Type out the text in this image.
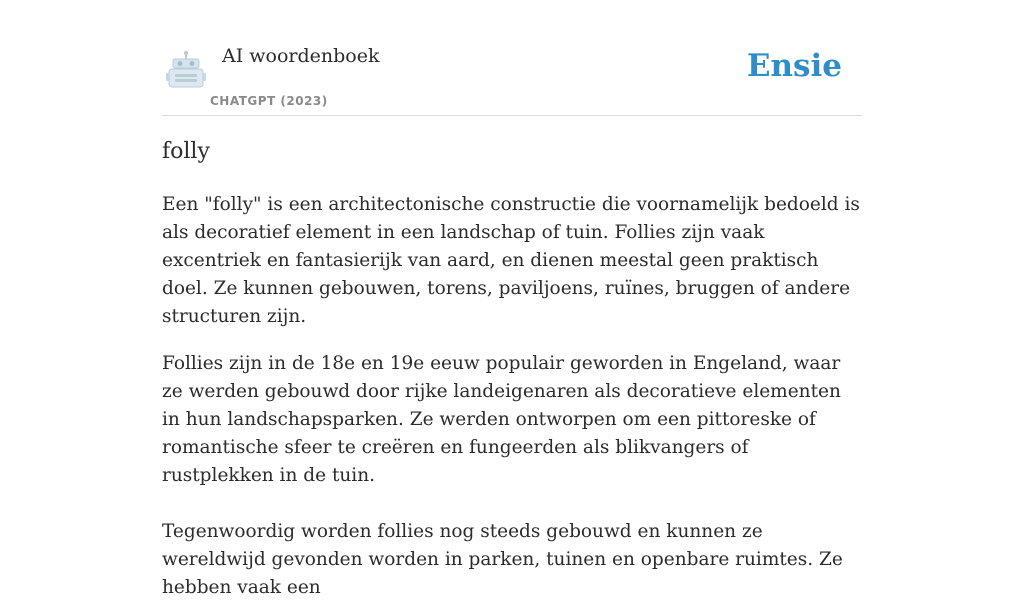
AI woordenboek
CHATGPT (2023)
Ensie
folly

Een "folly" is een architectonische constructie die voornamelijk bedoeld is als decoratief element in een landschap of tuin. Follies zijn vaak excentriek en fantasierijk van aard, en dienen meestal geen praktisch doel. Ze kunnen gebouwen, torens, paviljoens, ruïnes, bruggen of andere structuren zijn.

Follies zijn in de 18e en 19e eeuw populair geworden in Engeland, waar ze werden gebouwd door rijke landeigenaren als decoratieve elementen in hun landschapsparken. Ze werden ontworpen om een pittoreske of romantische sfeer te creëren en fungeerden als blikvangers of rustplekken in de tuin.

Tegenwoordig worden follies nog steeds gebouwd en kunnen ze wereldwijd gevonden worden in parken, tuinen en openbare ruimtes. Ze hebben vaak een
